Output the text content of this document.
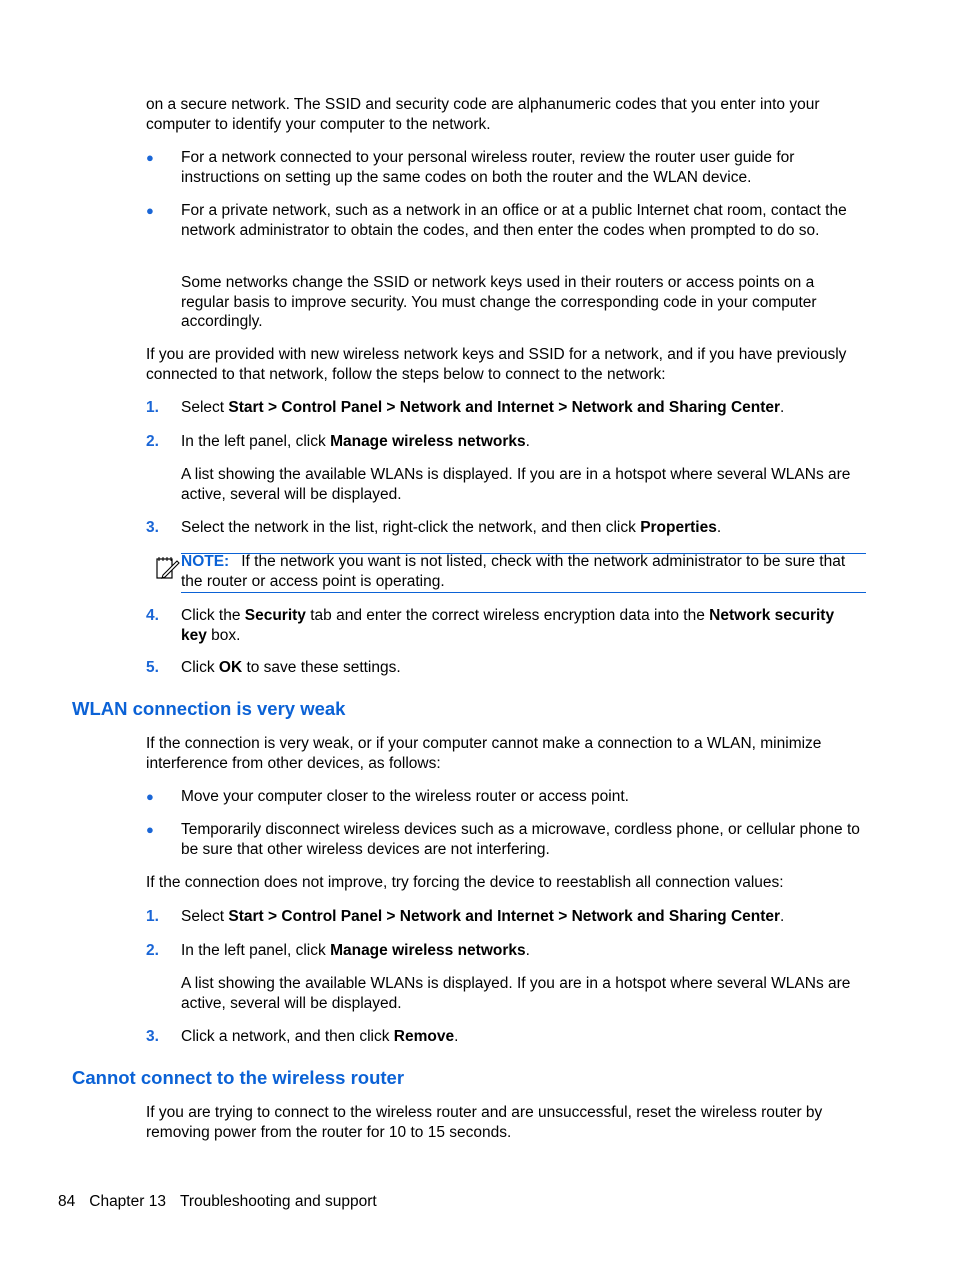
on a secure network. The SSID and security code are alphanumeric codes that you enter into your computer to identify your computer to the network.
● For a network connected to your personal wireless router, review the router user guide for instructions on setting up the same codes on both the router and the WLAN device.
● For a private network, such as a network in an office or at a public Internet chat room, contact the network administrator to obtain the codes, and then enter the codes when prompted to do so.
Some networks change the SSID or network keys used in their routers or access points on a regular basis to improve security. You must change the corresponding code in your computer accordingly.
If you are provided with new wireless network keys and SSID for a network, and if you have previously connected to that network, follow the steps below to connect to the network:
1. Select Start > Control Panel > Network and Internet > Network and Sharing Center.
2. In the left panel, click Manage wireless networks.
A list showing the available WLANs is displayed. If you are in a hotspot where several WLANs are active, several will be displayed.
3. Select the network in the list, right-click the network, and then click Properties.
NOTE: If the network you want is not listed, check with the network administrator to be sure that the router or access point is operating.
4. Click the Security tab and enter the correct wireless encryption data into the Network security key box.
5. Click OK to save these settings.
WLAN connection is very weak
If the connection is very weak, or if your computer cannot make a connection to a WLAN, minimize interference from other devices, as follows:
● Move your computer closer to the wireless router or access point.
● Temporarily disconnect wireless devices such as a microwave, cordless phone, or cellular phone to be sure that other wireless devices are not interfering.
If the connection does not improve, try forcing the device to reestablish all connection values:
1. Select Start > Control Panel > Network and Internet > Network and Sharing Center.
2. In the left panel, click Manage wireless networks.
A list showing the available WLANs is displayed. If you are in a hotspot where several WLANs are active, several will be displayed.
3. Click a network, and then click Remove.
Cannot connect to the wireless router
If you are trying to connect to the wireless router and are unsuccessful, reset the wireless router by removing power from the router for 10 to 15 seconds.
84 Chapter 13 Troubleshooting and support
